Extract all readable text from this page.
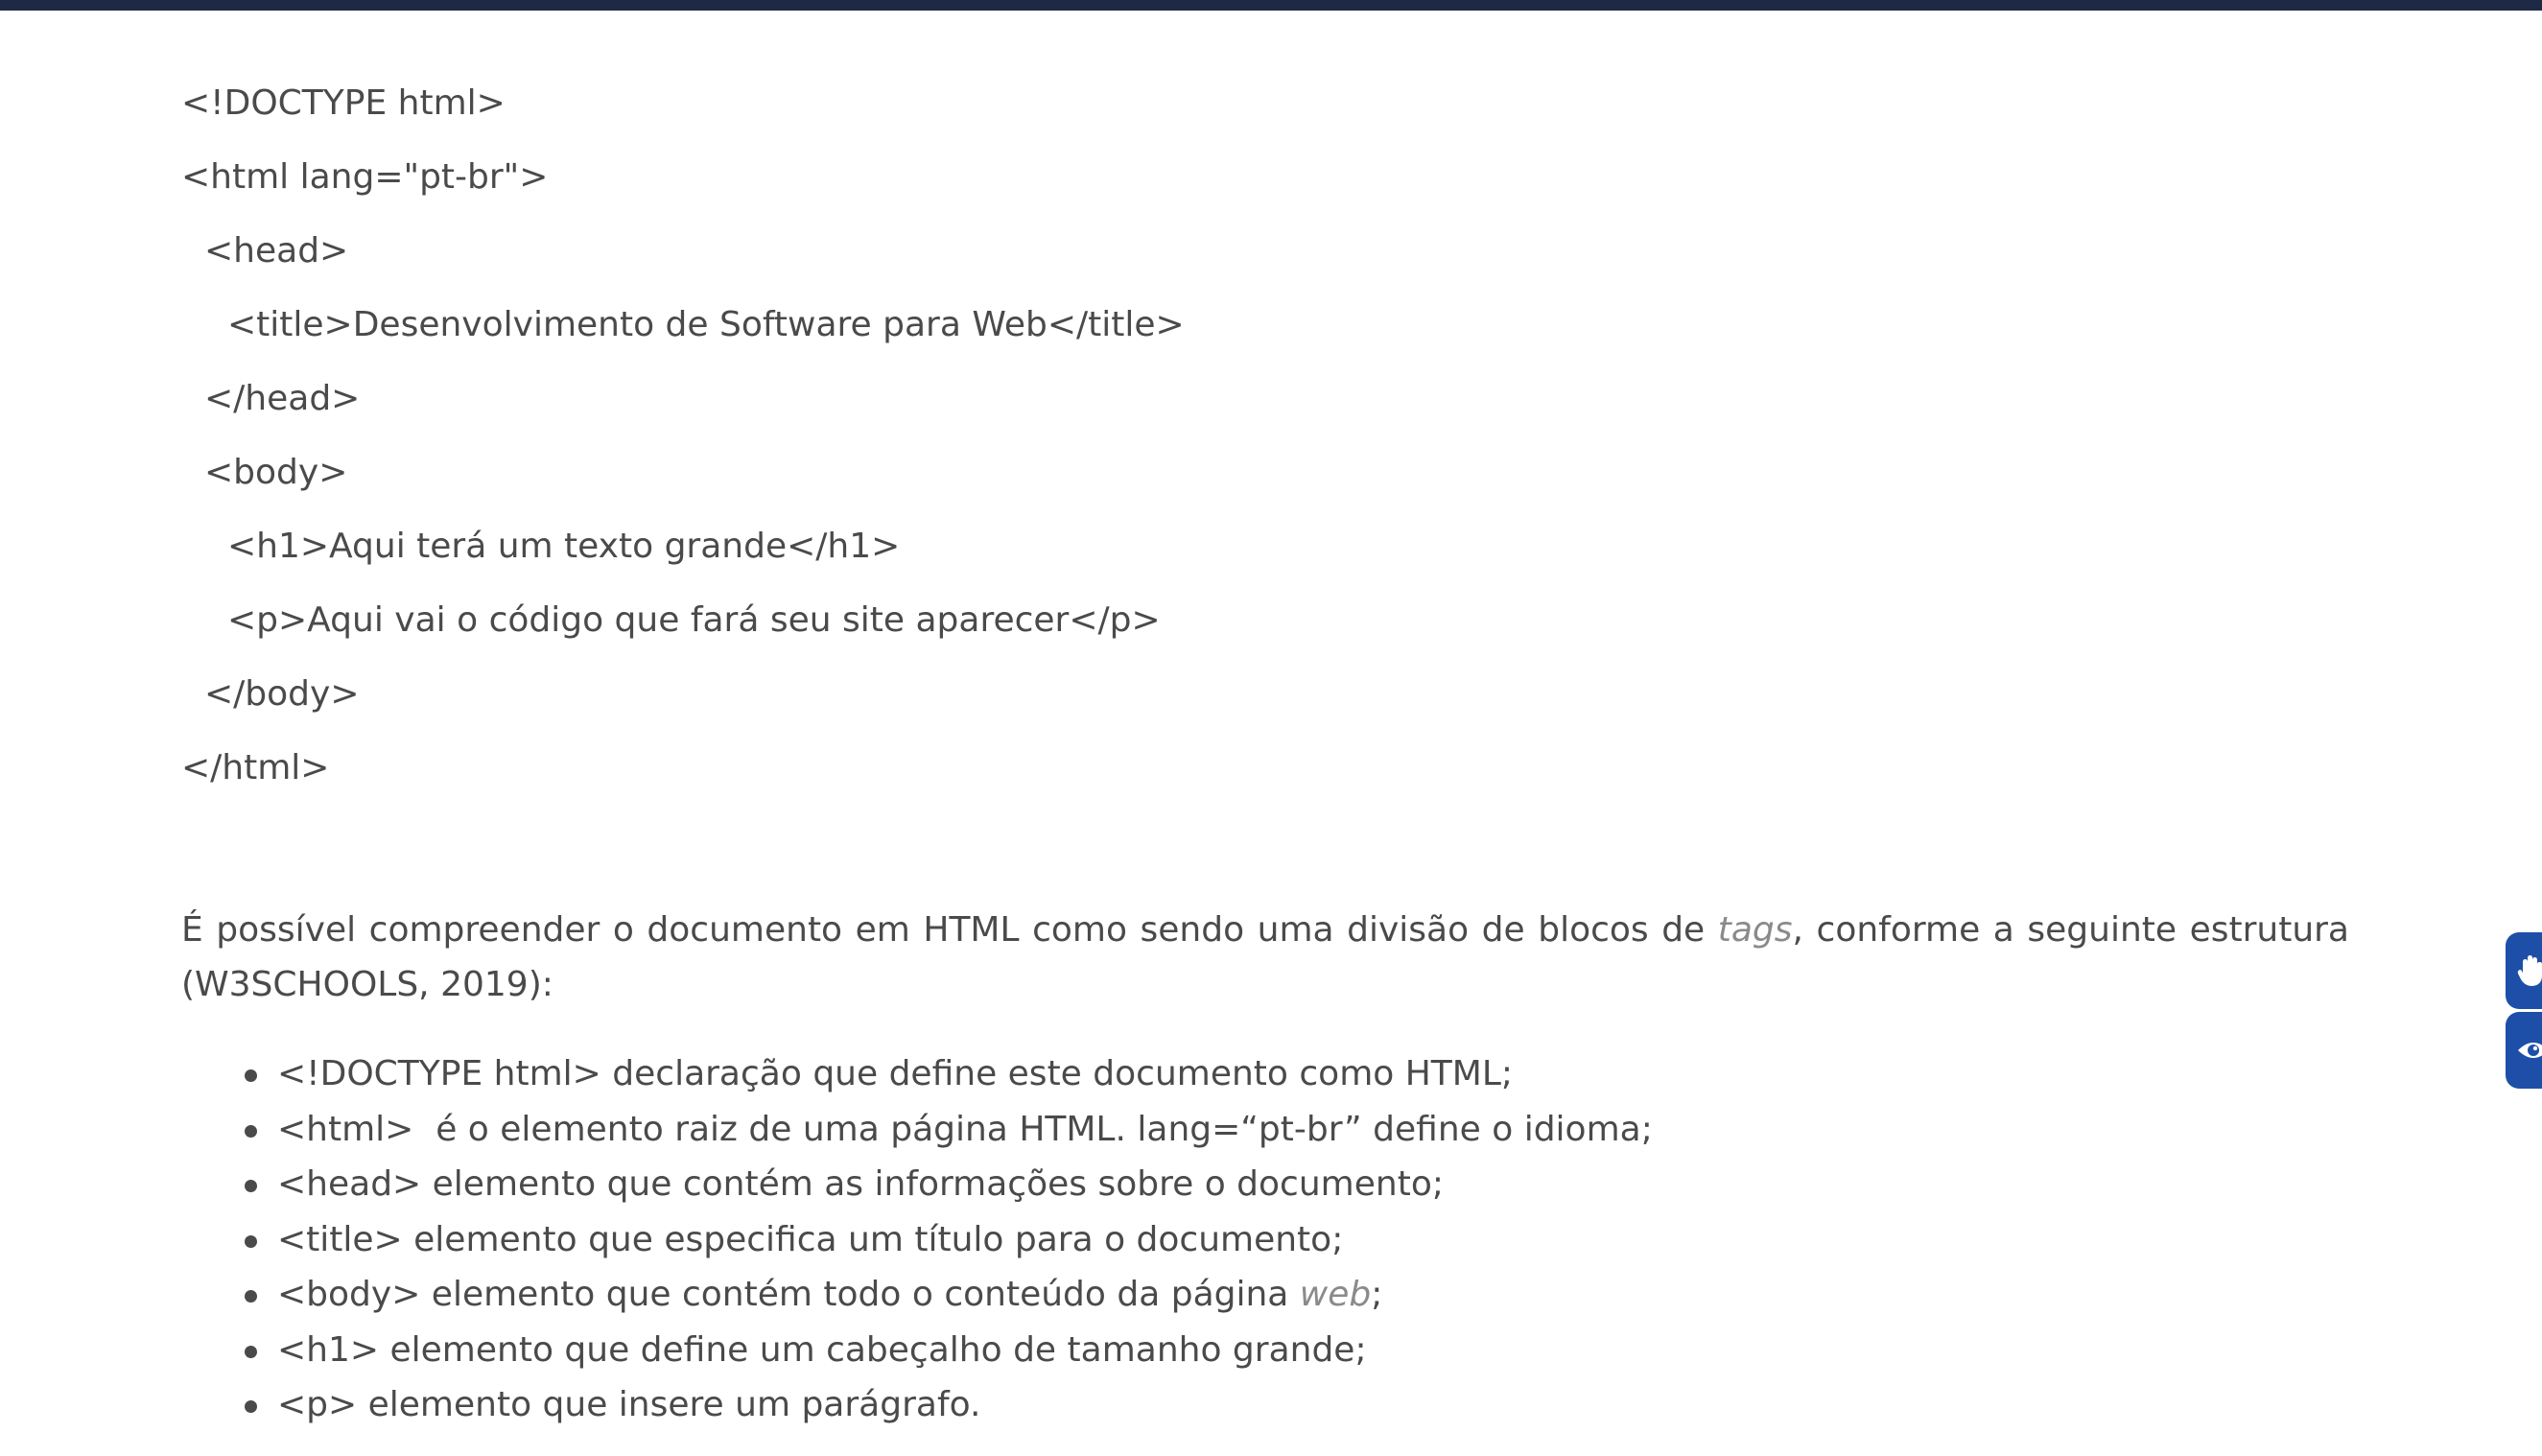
<!DOCTYPE html>
<html lang="pt-br">
<head>
<title>Desenvolvimento de Software para Web</title>
</head>
<body>
<h1>Aqui terá um texto grande</h1>
<p>Aqui vai o código que fará seu site aparecer</p>
</body>
</html>

É possível compreender o documento em HTML como sendo uma divisão de blocos de tags, conforme a seguinte estrutura (W3SCHOOLS, 2019):

<!DOCTYPE html> declaração que define este documento como HTML;
<html>  é o elemento raiz de uma página HTML. lang=“pt-br” define o idioma;
<head> elemento que contém as informações sobre o documento;
<title> elemento que especifica um título para o documento;
<body> elemento que contém todo o conteúdo da página web;
<h1> elemento que define um cabeçalho de tamanho grande;
<p> elemento que insere um parágrafo.
